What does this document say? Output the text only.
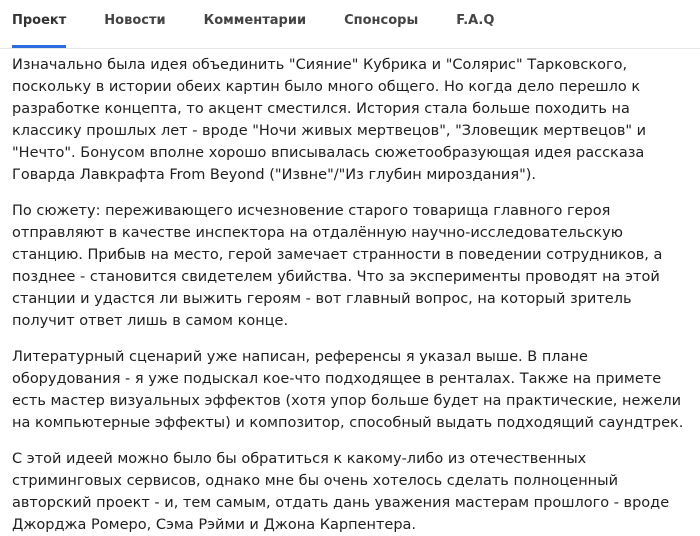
Проект	Новости	Комментарии	Спонсоры	F.A.Q

Изначально была идея объединить "Сияние" Кубрика и "Солярис" Тарковского, поскольку в истории обеих картин было много общего. Но когда дело перешло к разработке концепта, то акцент сместился. История стала больше походить на классику прошлых лет - вроде "Ночи живых мертвецов", "Зловещик мертвецов" и "Нечто". Бонусом вполне хорошо вписывалась сюжетообразующая идея рассказа Говарда Лавкрафта From Beyond ("Извне"/"Из глубин мироздания").

По сюжету: переживающего исчезновение старого товарища главного героя отправляют в качестве инспектора на отдалённую научно-исследовательскую станцию. Прибыв на место, герой замечает странности в поведении сотрудников, а позднее - становится свидетелем убийства. Что за эксперименты проводят на этой станции и удастся ли выжить героям - вот главный вопрос, на который зритель получит ответ лишь в самом конце.

Литературный сценарий уже написан, референсы я указал выше. В плане оборудования - я уже подыскал кое-что подходящее в ренталах. Также на примете есть мастер визуальных эффектов (хотя упор больше будет на практические, нежели на компьютерные эффекты) и композитор, способный выдать подходящий саундтрек.

С этой идеей можно было бы обратиться к какому-либо из отечественных стриминговых сервисов, однако мне бы очень хотелось сделать полноценный авторский проект - и, тем самым, отдать дань уважения мастерам прошлого - вроде Джорджа Ромеро, Сэма Рэйми и Джона Карпентера.
